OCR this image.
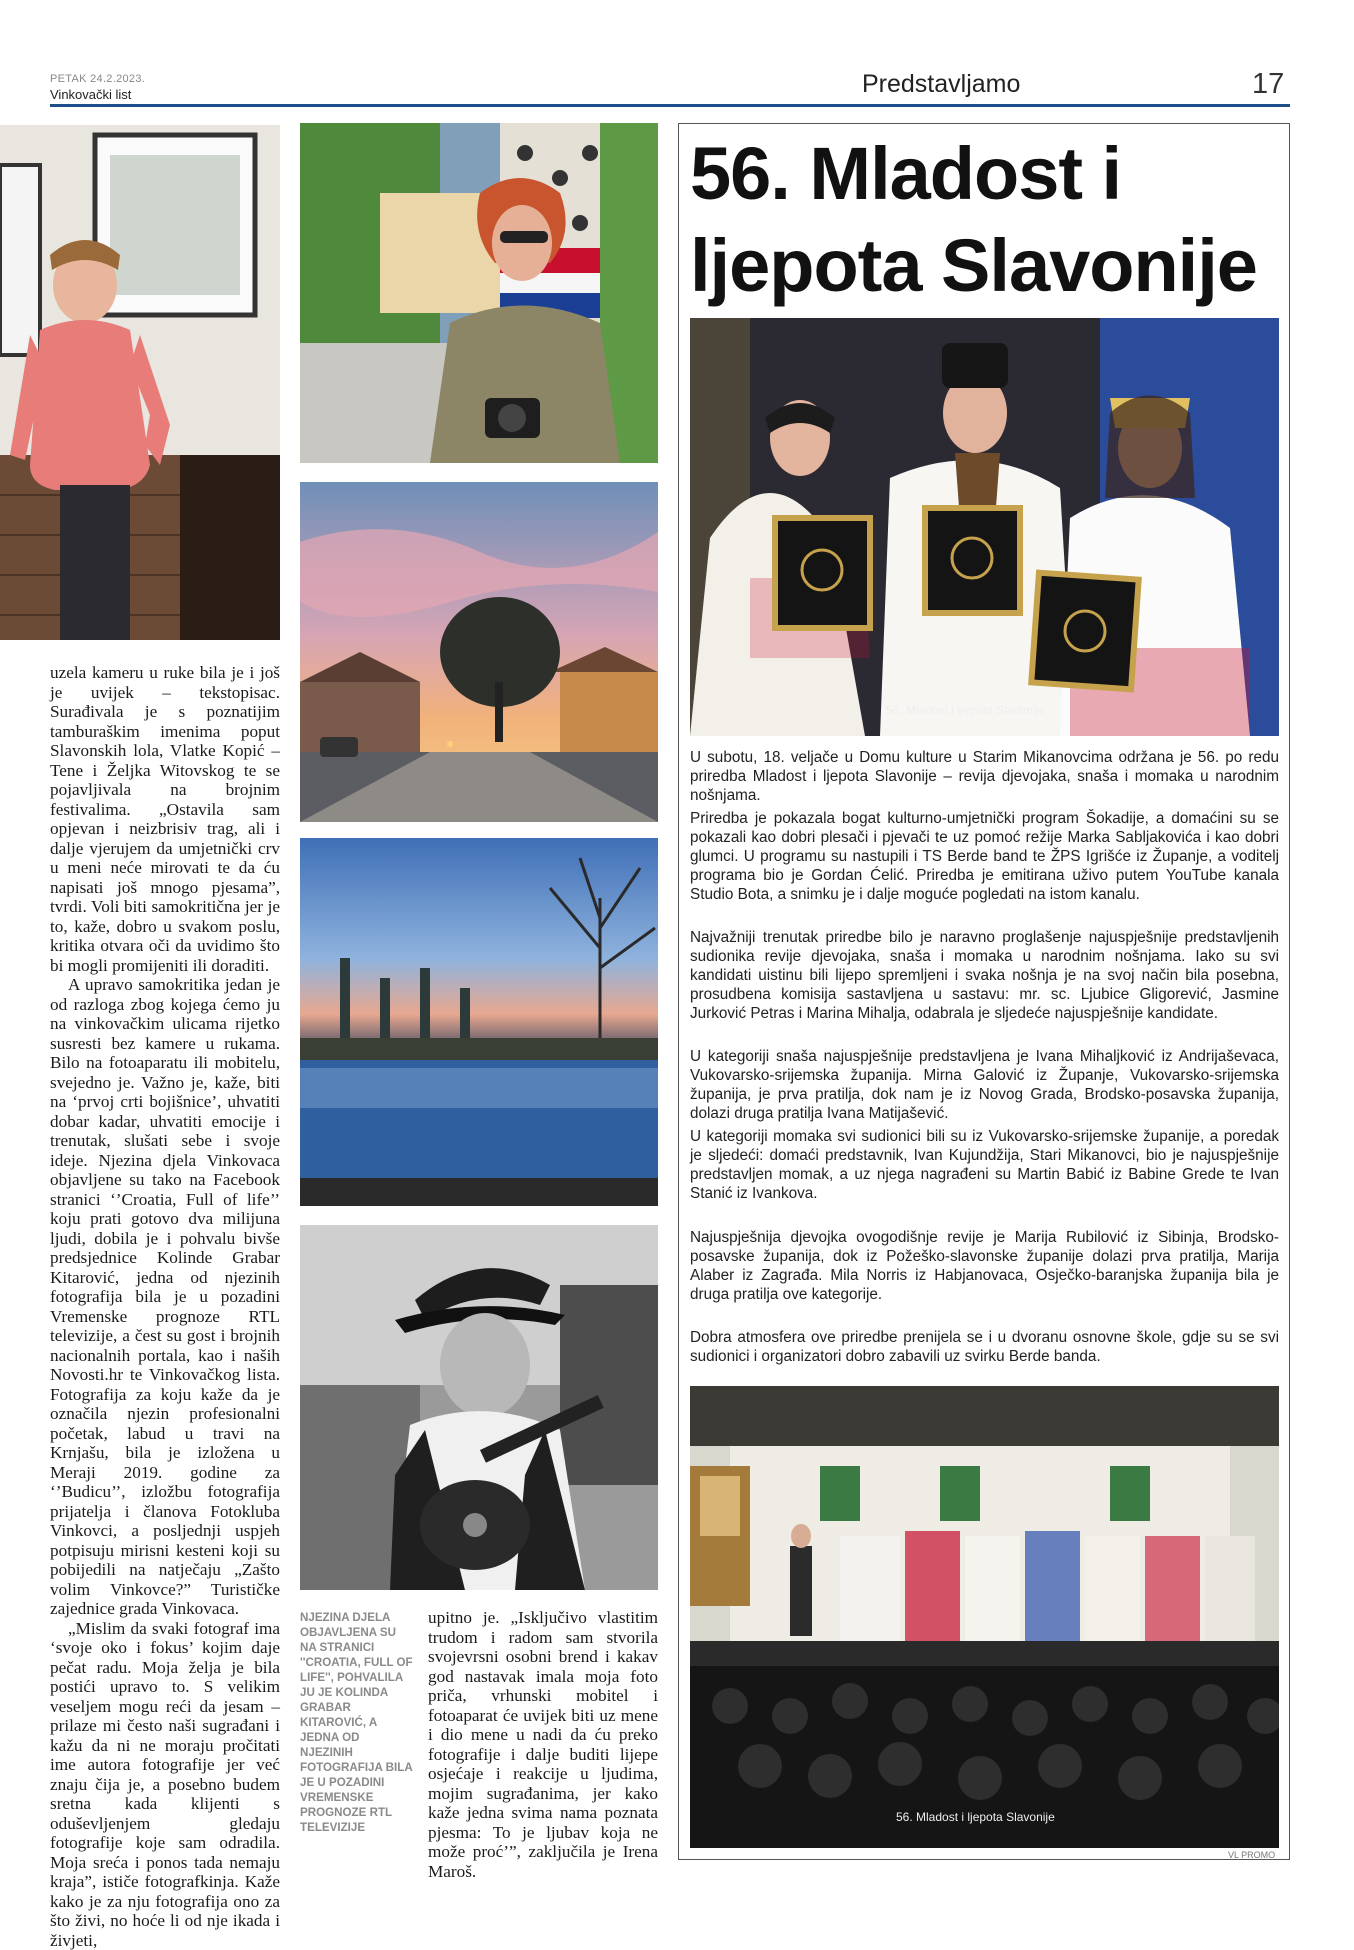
PETAK 24.2.2023.
Vinkovački list	Predstavljamo	17

uzela kameru u ruke bila je i još je uvijek – tekstopisac. Surađivala je s poznatijim tamburaškim imenima poput Slavonskih lola, Vlatke Kopić – Tene i Željka Witovskog te se pojavljivala na brojnim festivalima. „Ostavila sam opjevan i neizbrisiv trag, ali i dalje vjerujem da umjetnički crv u meni neće mirovati te da ću napisati još mnogo pjesama”, tvrdi. Voli biti samokritična jer je to, kaže, dobro u svakom poslu, kritika otvara oči da uvidimo što bi mogli promijeniti ili doraditi.

A upravo samokritika jedan je od razloga zbog kojega ćemo ju na vinkovačkim ulicama rijetko susresti bez kamere u rukama. Bilo na fotoaparatu ili mobitelu, svejedno je. Važno je, kaže, biti na ‘prvoj crti bojišnice’, uhvatiti dobar kadar, uhvatiti emocije i trenutak, slušati sebe i svoje ideje. Njezina djela Vinkovaca objavljene su tako na Facebook stranici ‘’Croatia, Full of life’’ koju prati gotovo dva milijuna ljudi, dobila je i pohvalu bivše predsjednice Kolinde Grabar Kitarović, jedna od njezinih fotografija bila je u pozadini Vremenske prognoze RTL televizije, a čest su gost i brojnih nacionalnih portala, kao i naših Novosti.hr te Vinkovačkog lista. Fotografija za koju kaže da je označila njezin profesionalni početak, labud u travi na Krnjašu, bila je izložena u Meraji 2019. godine za ‘’Budicu’’, izložbu fotografija prijatelja i članova Fotokluba Vinkovci, a posljednji uspjeh potpisuju mirisni kesteni koji su pobijedili na natječaju „Zašto volim Vinkovce?” Turističke zajednice grada Vinkovaca.

„Mislim da svaki fotograf ima ‘svoje oko i fokus’ kojim daje pečat radu. Moja želja je bila postići upravo to. S velikim veseljem mogu reći da jesam – prilaze mi često naši sugrađani i kažu da ni ne moraju pročitati ime autora fotografije jer već znaju čija je, a posebno budem sretna kada klijenti s oduševljenjem gledaju fotografije koje sam odradila. Moja sreća i ponos tada nemaju kraja”, ističe fotografkinja. Kaže kako je za nju fotografija ono za što živi, no hoće li od nje ikada i živjeti,

NJEZINA DJELA OBJAVLJENA SU NA STRANICI ''CROATIA, FULL OF LIFE'', POHVALILA JU JE KOLINDA GRABAR KITAROVIĆ, A JEDNA OD NJEZINIH FOTOGRAFIJA BILA JE U POZADINI VREMENSKE PROGNOZE RTL TELEVIZIJE

upitno je. „Isključivo vlastitim trudom i radom sam stvorila svojevrsni osobni brend i kakav god nastavak imala moja foto priča, vrhunski mobitel i fotoaparat će uvijek biti uz mene i dio mene u nadi da ću preko fotografije i dalje buditi lijepe osjećaje i reakcije u ljudima, mojim sugrađanima, jer kako kaže jedna svima nama poznata pjesma: To je ljubav koja ne može proć’”, zaključila je Irena Maroš.

56. Mladost i
ljepota Slavonije
56. Mladost i ljepota Slavonije

U subotu, 18. veljače u Domu kulture u Starim Mikanovcima održana je 56. po redu priredba Mladost i ljepota Slavonije – revija djevojaka, snaša i momaka u narodnim nošnjama.

Priredba je pokazala bogat kulturno-umjetnički program Šokadije, a domaćini su se pokazali kao dobri plesači i pjevači te uz pomoć režije Marka Sabljakovića i kao dobri glumci. U programu su nastupili i TS Berde band te ŽPS Igrišće iz Županje, a voditelj programa bio je Gordan Ćelić. Priredba je emitirana uživo putem YouTube kanala Studio Bota, a snimku je i dalje moguće pogledati na istom kanalu.

Najvažniji trenutak priredbe bilo je naravno proglašenje najuspješnije predstavljenih sudionika revije djevojaka, snaša i momaka u narodnim nošnjama. Iako su svi kandidati uistinu bili lijepo spremljeni i svaka nošnja je na svoj način bila posebna, prosudbena komisija sastavljena u sastavu: mr. sc. Ljubice Gligorević, Jasmine Jurković Petras i Marina Mihalja, odabrala je sljedeće najuspješnije kandidate.

U kategoriji snaša najuspješnije predstavljena je Ivana Mihaljković iz Andrijaševaca, Vukovarsko-srijemska županija. Mirna Galović iz Županje, Vukovarsko-srijemska županija, je prva pratilja, dok nam je iz Novog Grada, Brodsko-posavska županija, dolazi druga pratilja Ivana Matijašević.

U kategoriji momaka svi sudionici bili su iz Vukovarsko-srijemske županije, a poredak je sljedeći: domaći predstavnik, Ivan Kujundžija, Stari Mikanovci, bio je najuspješnije predstavljen momak, a uz njega nagrađeni su Martin Babić iz Babine Grede te Ivan Stanić iz Ivankova.

Najuspješnija djevojka ovogodišnje revije je Marija Rubilović iz Sibinja, Brodsko-posavske županija, dok iz Požeško-slavonske županije dolazi prva pratilja, Marija Alaber iz Zagrađa. Mila Norris iz Habjanovaca, Osječko-baranjska županija bila je druga pratilja ove kategorije.

Dobra atmosfera ove priredbe prenijela se i u dvoranu osnovne škole, gdje su se svi sudionici i organizatori dobro zabavili uz svirku Berde banda.

56. Mladost i ljepota Slavonije
VL PROMO
